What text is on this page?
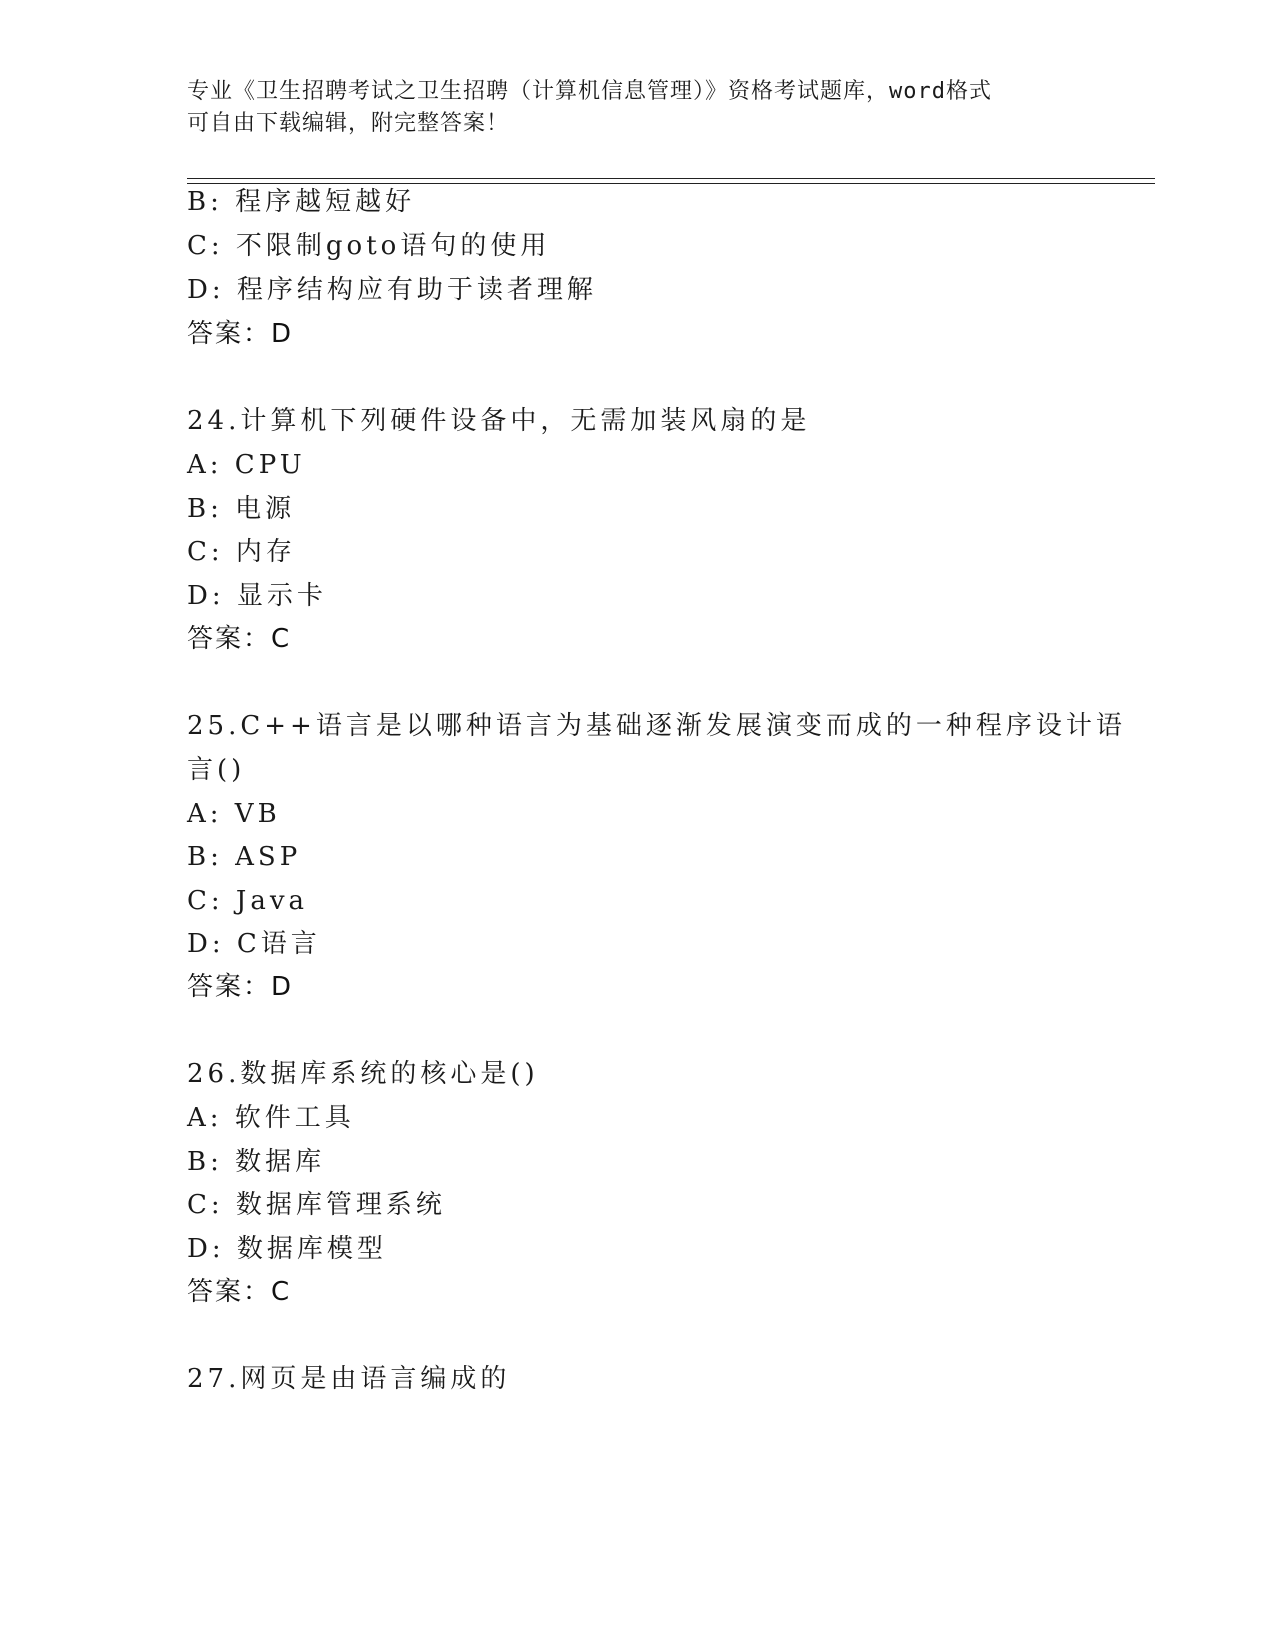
专业《卫生招聘考试之卫生招聘（计算机信息管理）》资格考试题库，word格式
可自由下载编辑，附完整答案！
B: 程序越短越好
C: 不限制goto语句的使用
D: 程序结构应有助于读者理解
答案：D
24.计算机下列硬件设备中，无需加装风扇的是
A: CPU
B: 电源
C: 内存
D: 显示卡
答案：C
25.C++语言是以哪种语言为基础逐渐发展演变而成的一种程序设计语
言()
A: VB
B: ASP
C: Java
D: C语言
答案：D
26.数据库系统的核心是()
A: 软件工具
B: 数据库
C: 数据库管理系统
D: 数据库模型
答案：C
27.网页是由语言编成的
